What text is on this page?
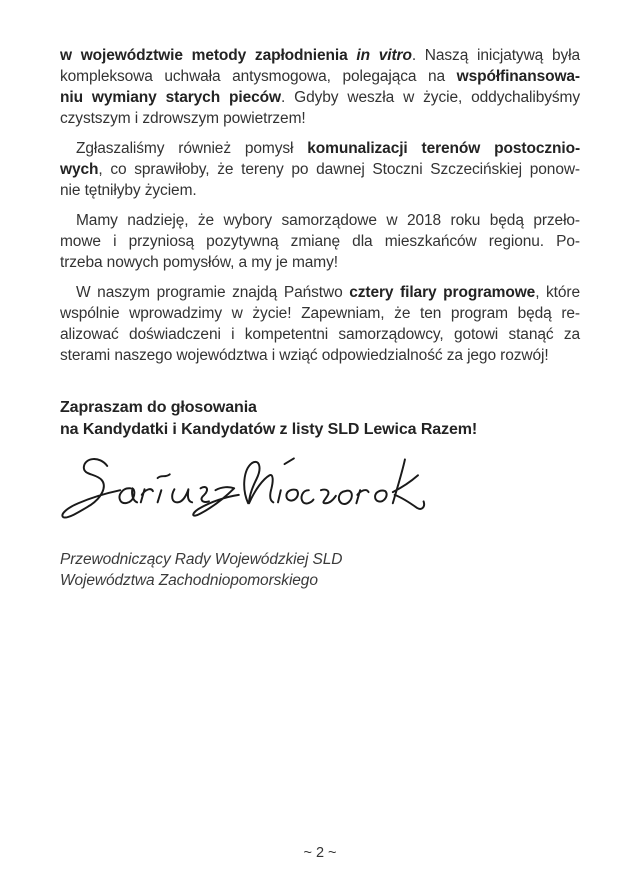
w województwie metody zapłodnienia in vitro. Naszą inicjatywą była
kompleksowa uchwała antysmogowa, polegająca na współfinansowa-
niu wymiany starych pieców. Gdyby weszła w życie, oddychalibyśmy
czystszym i zdrowszym powietrzem!
Zgłaszaliśmy również pomysł komunalizacji terenów postocznio-
wych, co sprawiłoby, że tereny po dawnej Stoczni Szczecińskiej ponow-
nie tętniłyby życiem.
Mamy nadzieję, że wybory samorządowe w 2018 roku będą przeło-
mowe i przyniosą pozytywną zmianę dla mieszkańców regionu. Po-
trzeba nowych pomysłów, a my je mamy!
W naszym programie znajdą Państwo cztery filary programowe, które
wspólnie wprowadzimy w życie! Zapewniam, że ten program będą re-
alizować doświadczeni i kompetentni samorządowcy, gotowi stanąć za
sterami naszego województwa i wziąć odpowiedzialność za jego rozwój!
Zapraszam do głosowania
na Kandydatki i Kandydatów z listy SLD Lewica Razem!
Przewodniczący Rady Wojewódzkiej SLD
Województwa Zachodniopomorskiego
~ 2 ~
